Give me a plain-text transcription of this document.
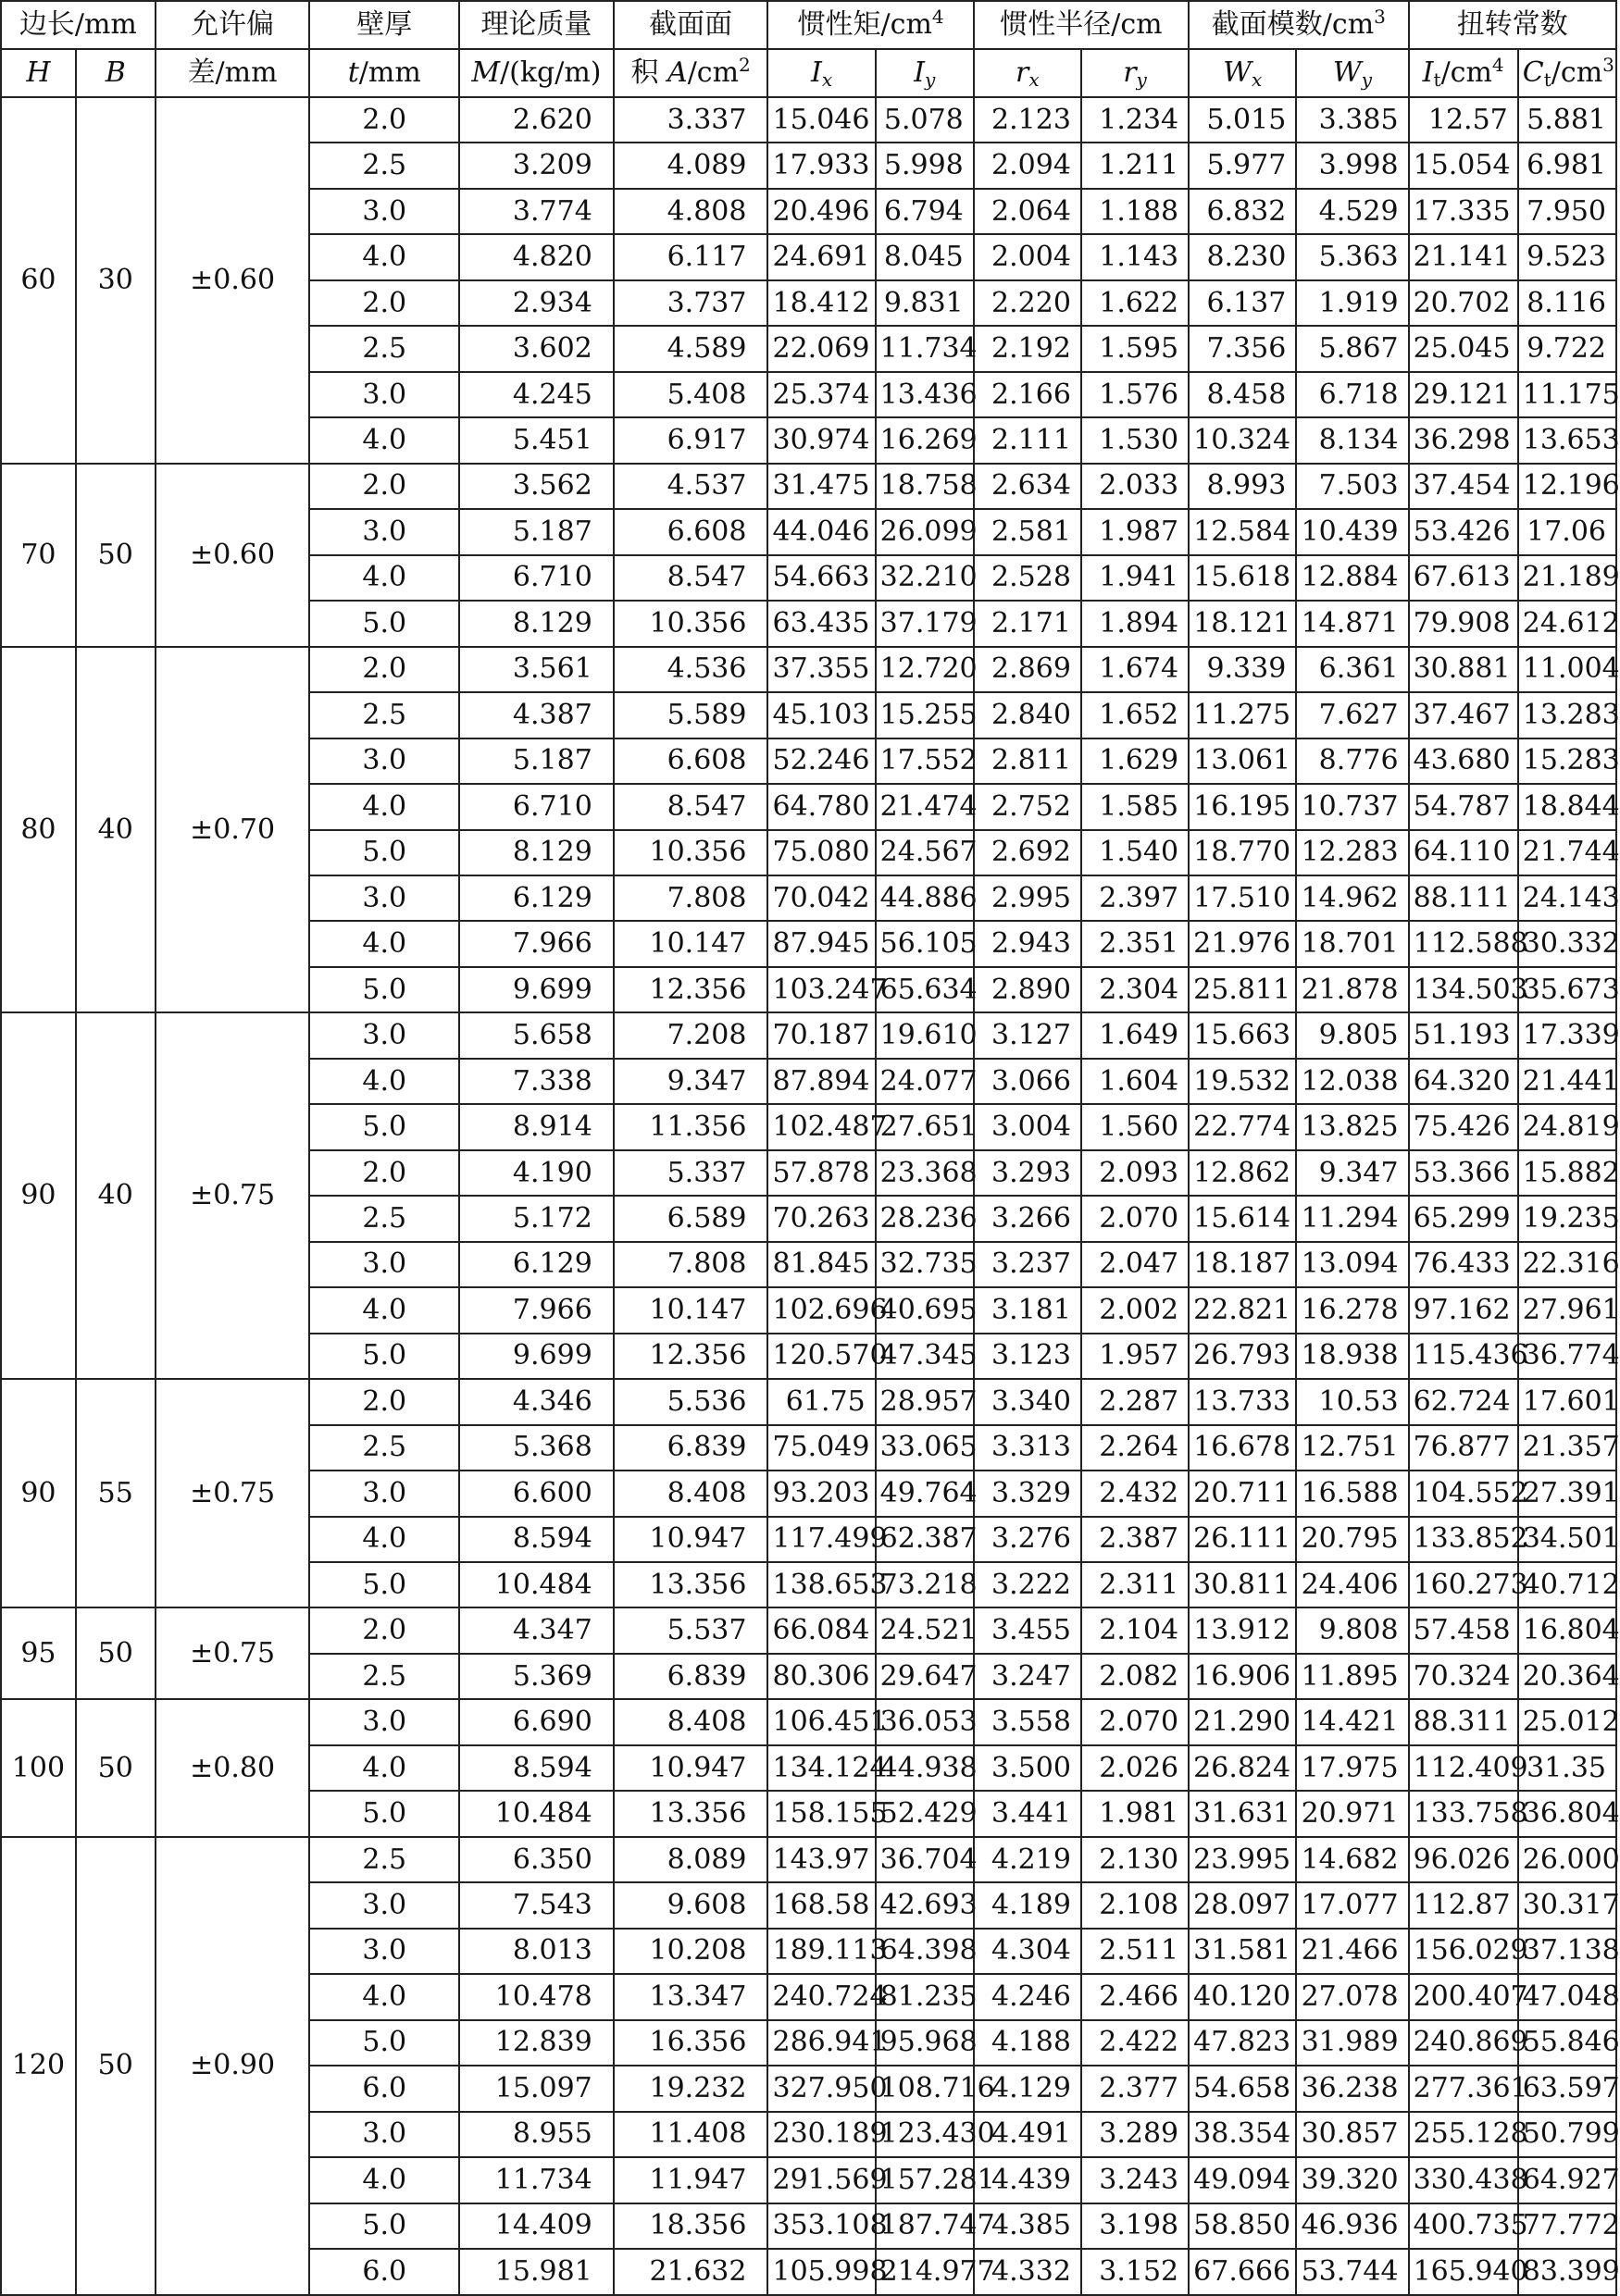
边长/mm		允许偏	壁厚	理论质量	截面面	惯性矩$/cm^4$		惯性半径/cm		截面模数$/cm^3$		扭转常数	
H	B	差/mm	t/mm	M/(kg/m)	积 $A/cm^2$	$I_x$	$I_y$	$r_x$	$r_y$	$W_x$	$W_y$	$I_t/cm^4$	$C_t/cm^3$
60	30	±0.60	2.0	2.620	3.337	15.046	5.078	2.123	1.234	5.015	3.385	12.57	5.881
			2.5	3.209	4.089	17.933	5.998	2.094	1.211	5.977	3.998	15.054	6.981
			3.0	3.774	4.808	20.496	6.794	2.064	1.188	6.832	4.529	17.335	7.950
			4.0	4.820	6.117	24.691	8.045	2.004	1.143	8.230	5.363	21.141	9.523
			2.0	2.934	3.737	18.412	9.831	2.220	1.622	6.137	1.919	20.702	8.116
			2.5	3.602	4.589	22.069	11.734	2.192	1.595	7.356	5.867	25.045	9.722
			3.0	4.245	5.408	25.374	13.436	2.166	1.576	8.458	6.718	29.121	11.175
			4.0	5.451	6.917	30.974	16.269	2.111	1.530	10.324	8.134	36.298	13.653
70	50	±0.60	2.0	3.562	4.537	31.475	18.758	2.634	2.033	8.993	7.503	37.454	12.196
			3.0	5.187	6.608	44.046	26.099	2.581	1.987	12.584	10.439	53.426	17.06
			4.0	6.710	8.547	54.663	32.210	2.528	1.941	15.618	12.884	67.613	21.189
			5.0	8.129	10.356	63.435	37.179	2.171	1.894	18.121	14.871	79.908	24.612
80	40	±0.70	2.0	3.561	4.536	37.355	12.720	2.869	1.674	9.339	6.361	30.881	11.004
			2.5	4.387	5.589	45.103	15.255	2.840	1.652	11.275	7.627	37.467	13.283
			3.0	5.187	6.608	52.246	17.552	2.811	1.629	13.061	8.776	43.680	15.283
			4.0	6.710	8.547	64.780	21.474	2.752	1.585	16.195	10.737	54.787	18.844
			5.0	8.129	10.356	75.080	24.567	2.692	1.540	18.770	12.283	64.110	21.744
			3.0	6.129	7.808	70.042	44.886	2.995	2.397	17.510	14.962	88.111	24.143
			4.0	7.966	10.147	87.945	56.105	2.943	2.351	21.976	18.701	112.588	30.332
			5.0	9.699	12.356	103.247	65.634	2.890	2.304	25.811	21.878	134.503	35.673
90	40	±0.75	3.0	5.658	7.208	70.187	19.610	3.127	1.649	15.663	9.805	51.193	17.339
			4.0	7.338	9.347	87.894	24.077	3.066	1.604	19.532	12.038	64.320	21.441
			5.0	8.914	11.356	102.487	27.651	3.004	1.560	22.774	13.825	75.426	24.819
			2.0	4.190	5.337	57.878	23.368	3.293	2.093	12.862	9.347	53.366	15.882
			2.5	5.172	6.589	70.263	28.236	3.266	2.070	15.614	11.294	65.299	19.235
			3.0	6.129	7.808	81.845	32.735	3.237	2.047	18.187	13.094	76.433	22.316
			4.0	7.966	10.147	102.696	40.695	3.181	2.002	22.821	16.278	97.162	27.961
			5.0	9.699	12.356	120.570	47.345	3.123	1.957	26.793	18.938	115.436	36.774
90	55	±0.75	2.0	4.346	5.536	61.75	28.957	3.340	2.287	13.733	10.53	62.724	17.601
			2.5	5.368	6.839	75.049	33.065	3.313	2.264	16.678	12.751	76.877	21.357
			3.0	6.600	8.408	93.203	49.764	3.329	2.432	20.711	16.588	104.552	27.391
			4.0	8.594	10.947	117.499	62.387	3.276	2.387	26.111	20.795	133.852	34.501
			5.0	10.484	13.356	138.653	73.218	3.222	2.311	30.811	24.406	160.273	40.712
95	50	±0.75	2.0	4.347	5.537	66.084	24.521	3.455	2.104	13.912	9.808	57.458	16.804
			2.5	5.369	6.839	80.306	29.647	3.247	2.082	16.906	11.895	70.324	20.364
100	50	±0.80	3.0	6.690	8.408	106.451	36.053	3.558	2.070	21.290	14.421	88.311	25.012
			4.0	8.594	10.947	134.124	44.938	3.500	2.026	26.824	17.975	112.409	31.35
			5.0	10.484	13.356	158.155	52.429	3.441	1.981	31.631	20.971	133.758	36.804
120	50	±0.90	2.5	6.350	8.089	143.97	36.704	4.219	2.130	23.995	14.682	96.026	26.000
			3.0	7.543	9.608	168.58	42.693	4.189	2.108	28.097	17.077	112.87	30.317
			3.0	8.013	10.208	189.113	64.398	4.304	2.511	31.581	21.466	156.029	37.138
			4.0	10.478	13.347	240.724	81.235	4.246	2.466	40.120	27.078	200.407	47.048
			5.0	12.839	16.356	286.941	95.968	4.188	2.422	47.823	31.989	240.869	55.846
			6.0	15.097	19.232	327.950	108.716	4.129	2.377	54.658	36.238	277.361	63.597
			3.0	8.955	11.408	230.189	123.430	4.491	3.289	38.354	30.857	255.128	50.799
			4.0	11.734	11.947	291.569	157.281	4.439	3.243	49.094	39.320	330.438	64.927
			5.0	14.409	18.356	353.108	187.747	4.385	3.198	58.850	46.936	400.735	77.772
			6.0	15.981	21.632	105.998	214.977	4.332	3.152	67.666	53.744	165.940	83.399
